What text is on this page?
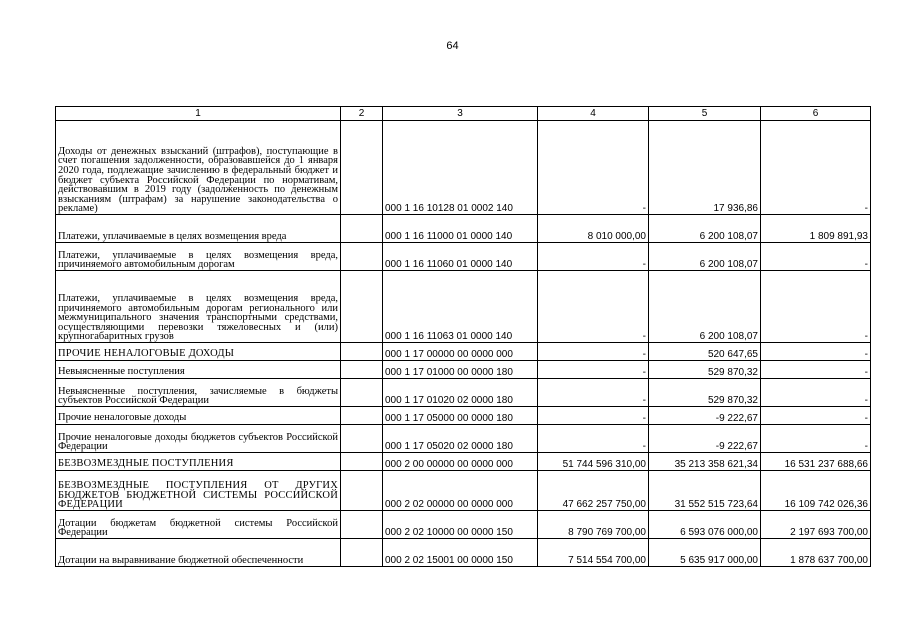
64
1	2	3	4	5	6
Доходы от денежных взысканий (штрафов), поступающие в счет погашения задолженности, образовавшейся до 1 января 2020 года, подлежащие зачислению в федеральный бюджет и бюджет субъекта Российской Федерации по нормативам, действовавшим в 2019 году (задолженность по денежным взысканиям (штрафам) за нарушение законодательства о рекламе)		000 1 16 10128 01 0002 140	-	17 936,86	-
Платежи, уплачиваемые в целях возмещения вреда		000 1 16 11000 01 0000 140	8 010 000,00	6 200 108,07	1 809 891,93
Платежи, уплачиваемые в целях возмещения вреда, причиняемого автомобильным дорогам		000 1 16 11060 01 0000 140	-	6 200 108,07	-
Платежи, уплачиваемые в целях возмещения вреда, причиняемого автомобильным дорогам регионального или межмуниципального значения транспортными средствами, осуществляющими перевозки тяжеловесных и (или) крупногабаритных грузов		000 1 16 11063 01 0000 140	-	6 200 108,07	-
ПРОЧИЕ НЕНАЛОГОВЫЕ ДОХОДЫ		000 1 17 00000 00 0000 000	-	520 647,65	-
Невыясненные поступления		000 1 17 01000 00 0000 180	-	529 870,32	-
Невыясненные поступления, зачисляемые в бюджеты субъектов Российской Федерации		000 1 17 01020 02 0000 180	-	529 870,32	-
Прочие неналоговые доходы		000 1 17 05000 00 0000 180	-	-9 222,67	-
Прочие неналоговые доходы бюджетов субъектов Российской Федерации		000 1 17 05020 02 0000 180	-	-9 222,67	-
БЕЗВОЗМЕЗДНЫЕ ПОСТУПЛЕНИЯ		000 2 00 00000 00 0000 000	51 744 596 310,00	35 213 358 621,34	16 531 237 688,66
БЕЗВОЗМЕЗДНЫЕ ПОСТУПЛЕНИЯ ОТ ДРУГИХ БЮДЖЕТОВ БЮДЖЕТНОЙ СИСТЕМЫ РОССИЙСКОЙ ФЕДЕРАЦИИ		000 2 02 00000 00 0000 000	47 662 257 750,00	31 552 515 723,64	16 109 742 026,36
Дотации бюджетам бюджетной системы Российской Федерации		000 2 02 10000 00 0000 150	8 790 769 700,00	6 593 076 000,00	2 197 693 700,00
Дотации на выравнивание бюджетной обеспеченности		000 2 02 15001 00 0000 150	7 514 554 700,00	5 635 917 000,00	1 878 637 700,00
